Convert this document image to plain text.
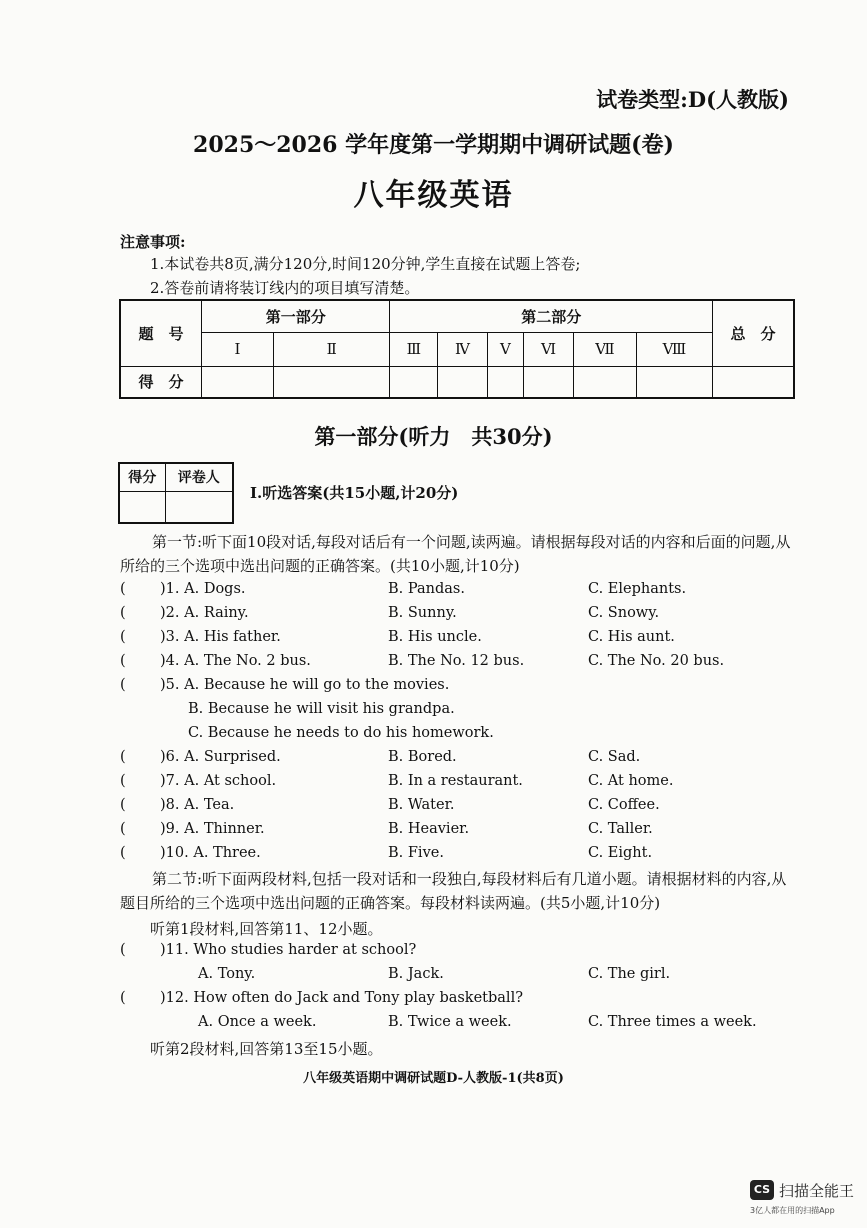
试卷类型:D(人教版)
2025～2026 学年度第一学期期中调研试题(卷)
八年级英语
注意事项:
1.本试卷共8页,满分120分,时间120分钟,学生直接在试题上答卷;
2.答卷前请将装订线内的项目填写清楚。
题　号	第一部分		第二部分						总　分
	Ⅰ	Ⅱ	Ⅲ	Ⅳ	Ⅴ	Ⅵ	Ⅶ	Ⅷ	
得　分									
第一部分(听力　共30分)
得分	评卷人

Ⅰ.听选答案(共15小题,计20分)
第一节:听下面10段对话,每段对话后有一个问题,读两遍。请根据每段对话的内容和后面的问题,从所给的三个选项中选出问题的正确答案。(共10小题,计10分)
( )1. A. Dogs.	B. Pandas.	C. Elephants.
( )2. A. Rainy.	B. Sunny.	C. Snowy.
( )3. A. His father.	B. His uncle.	C. His aunt.
( )4. A. The No. 2 bus.	B. The No. 12 bus.	C. The No. 20 bus.
( )5. A. Because he will go to the movies.
B. Because he will visit his grandpa.
C. Because he needs to do his homework.
( )6. A. Surprised.	B. Bored.	C. Sad.
( )7. A. At school.	B. In a restaurant.	C. At home.
( )8. A. Tea.	B. Water.	C. Coffee.
( )9. A. Thinner.	B. Heavier.	C. Taller.
( )10. A. Three.	B. Five.	C. Eight.
第二节:听下面两段材料,包括一段对话和一段独白,每段材料后有几道小题。请根据材料的内容,从题目所给的三个选项中选出问题的正确答案。每段材料读两遍。(共5小题,计10分)
听第1段材料,回答第11、12小题。
( )11. Who studies harder at school?
A. Tony.	B. Jack.	C. The girl.
( )12. How often do Jack and Tony play basketball?
A. Once a week.	B. Twice a week.	C. Three times a week.
听第2段材料,回答第13至15小题。
八年级英语期中调研试题D-人教版-1(共8页)
CS 扫描全能王
3亿人都在用的扫描App
